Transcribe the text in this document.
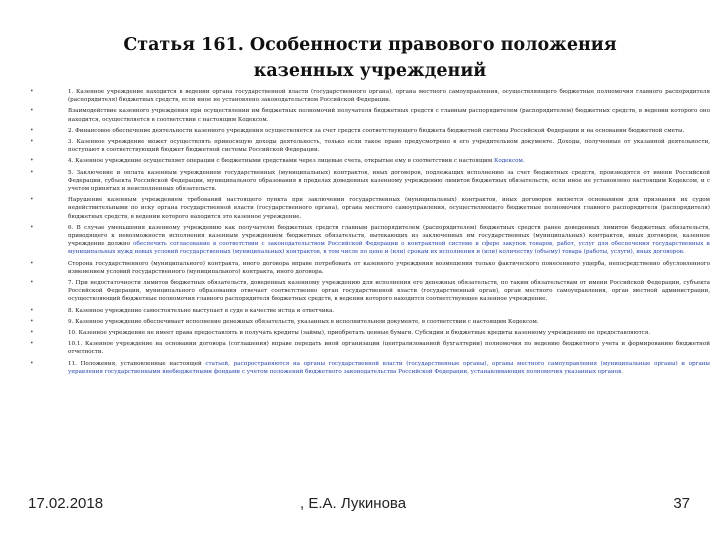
Статья 161. Особенности правового положения казенных учреждений
•	1. Казенное учреждение находится в ведении органа государственной власти (государственного органа), органа местного самоуправления, осуществляющего бюджетные полномочия главного распорядителя (распорядителя) бюджетных средств, если иное не установлено законодательством Российской Федерации.
•	Взаимодействие казенного учреждения при осуществлении им бюджетных полномочий получателя бюджетных средств с главным распорядителем (распорядителем) бюджетных средств, в ведении которого оно находится, осуществляется в соответствии с настоящим Кодексом.
•	2. Финансовое обеспечение деятельности казенного учреждения осуществляется за счет средств соответствующего бюджета бюджетной системы Российской Федерации и на основании бюджетной сметы.
•	3. Казенное учреждение может осуществлять приносящую доходы деятельность, только если такое право предусмотрено в его учредительном документе. Доходы, полученные от указанной деятельности, поступают в соответствующий бюджет бюджетной системы Российской Федерации.
•	4. Казенное учреждение осуществляет операции с бюджетными средствами через лицевые счета, открытые ему в соответствии с настоящим Кодексом.
•	5. Заключение и оплата казенным учреждением государственных (муниципальных) контрактов, иных договоров, подлежащих исполнению за счет бюджетных средств, производятся от имени Российской Федерации, субъекта Российской Федерации, муниципального образования в пределах доведенных казенному учреждению лимитов бюджетных обязательств, если иное не установлено настоящим Кодексом, и с учетом принятых и неисполненных обязательств.
•	Нарушение казенным учреждением требований настоящего пункта при заключении государственных (муниципальных) контрактов, иных договоров является основанием для признания их судом недействительными по иску органа государственной власти (государственного органа), органа местного самоуправления, осуществляющего бюджетные полномочия главного распорядителя (распорядителя) бюджетных средств, в ведении которого находится это казенное учреждение.
•	6. В случае уменьшения казенному учреждению как получателю бюджетных средств главным распорядителем (распорядителем) бюджетных средств ранее доведенных лимитов бюджетных обязательств, приводящего к невозможности исполнения казенным учреждением бюджетных обязательств, вытекающих из заключенных им государственных (муниципальных) контрактов, иных договоров, казенное учреждение должно обеспечить согласование в соответствии с законодательством Российской Федерации о контрактной системе в сфере закупок товаров, работ, услуг для обеспечения государственных и муниципальных нужд новых условий государственных (муниципальных) контрактов, в том числе по цене и (или) срокам их исполнения и (или) количеству (объему) товара (работы, услуги), иных договоров.
•	Сторона государственного (муниципального) контракта, иного договора вправе потребовать от казенного учреждения возмещения только фактического понесенного ущерба, непосредственно обусловленного изменением условий государственного (муниципального) контракта, иного договора.
•	7. При недостаточности лимитов бюджетных обязательств, доведенных казенному учреждению для исполнения его денежных обязательств, по таким обязательствам от имени Российской Федерации, субъекта Российской Федерации, муниципального образования отвечает соответственно орган государственной власти (государственный орган), орган местного самоуправления, орган местной администрации, осуществляющий бюджетные полномочия главного распорядителя бюджетных средств, в ведении которого находится соответствующее казенное учреждение.
•	8. Казенное учреждение самостоятельно выступает в суде в качестве истца и ответчика.
•	9. Казенное учреждение обеспечивает исполнение денежных обязательств, указанных в исполнительном документе, в соответствии с настоящим Кодексом.
•	10. Казенное учреждение не имеет права предоставлять и получать кредиты (займы), приобретать ценные бумаги. Субсидии и бюджетные кредиты казенному учреждению не предоставляются.
•	10.1. Казенное учреждение на основании договора (соглашения) вправе передать иной организации (централизованной бухгалтерии) полномочия по ведению бюджетного учета и формированию бюджетной отчетности.
•	11. Положения, установленные настоящей статьей, распространяются на органы государственной власти (государственные органы), органы местного самоуправления (муниципальные органы) и органы управления государственными внебюджетными фондами с учетом положений бюджетного законодательства Российской Федерации, устанавливающих полномочия указанных органов.
17.02.2018	, Е.А. Лукинова	37
